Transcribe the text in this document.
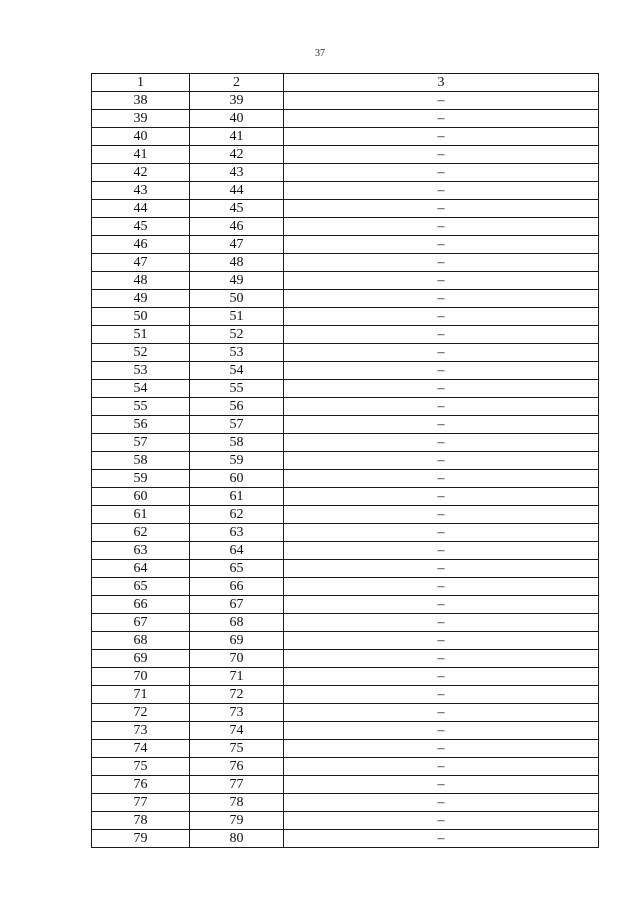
37
1	2	3
38	39	–
39	40	–
40	41	–
41	42	–
42	43	–
43	44	–
44	45	–
45	46	–
46	47	–
47	48	–
48	49	–
49	50	–
50	51	–
51	52	–
52	53	–
53	54	–
54	55	–
55	56	–
56	57	–
57	58	–
58	59	–
59	60	–
60	61	–
61	62	–
62	63	–
63	64	–
64	65	–
65	66	–
66	67	–
67	68	–
68	69	–
69	70	–
70	71	–
71	72	–
72	73	–
73	74	–
74	75	–
75	76	–
76	77	–
77	78	–
78	79	–
79	80	–
